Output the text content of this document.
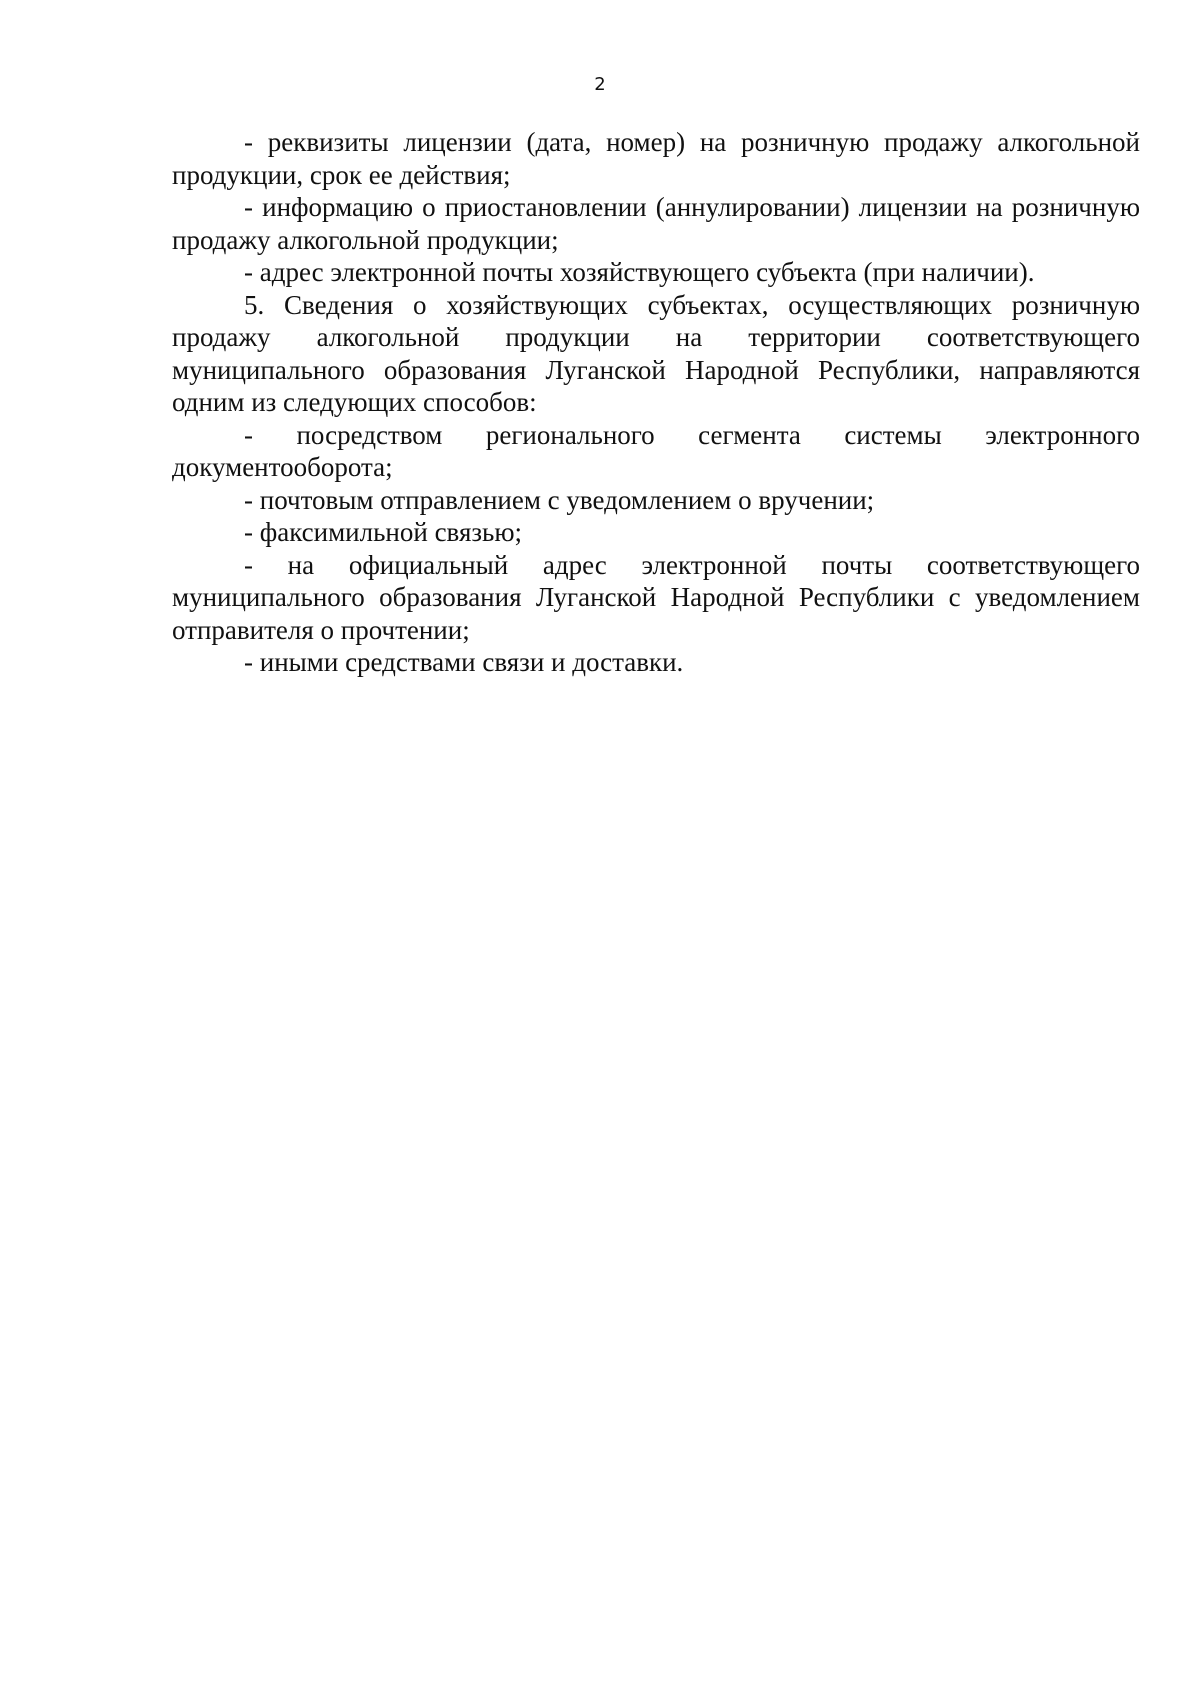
2

- реквизиты лицензии (дата, номер) на розничную продажу алкогольной продукции, срок ее действия;

- информацию о приостановлении (аннулировании) лицензии на розничную продажу алкогольной продукции;

- адрес электронной почты хозяйствующего субъекта (при наличии).

5. Сведения о хозяйствующих субъектах, осуществляющих розничную продажу алкогольной продукции на территории соответствующего муниципального образования Луганской Народной Республики, направляются одним из следующих способов:

- посредством регионального сегмента системы электронного документооборота;

- почтовым отправлением с уведомлением о вручении;

- факсимильной связью;

- на официальный адрес электронной почты соответствующего муниципального образования Луганской Народной Республики с уведомлением отправителя о прочтении;

- иными средствами связи и доставки.
